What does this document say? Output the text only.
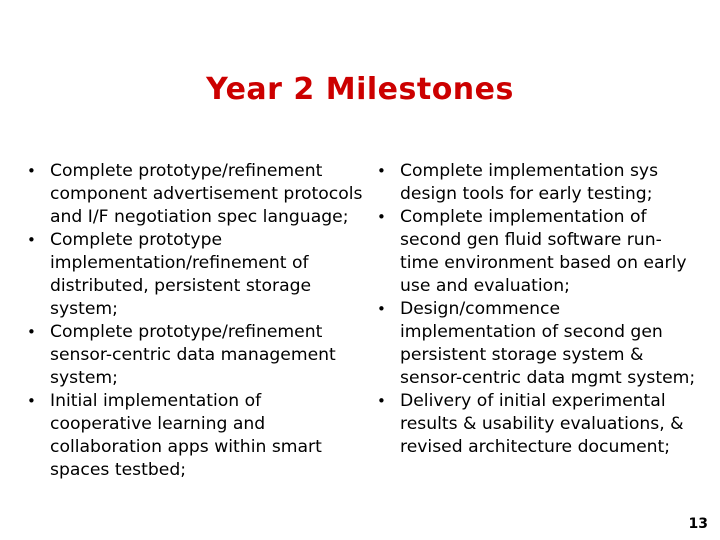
Year 2 Milestones
• Complete prototype/refinement component advertisement protocols and I/F negotiation spec language;
• Complete prototype implementation/refinement of distributed, persistent storage system;
• Complete prototype/refinement sensor-centric data management system;
• Initial implementation of cooperative learning and collaboration apps within smart spaces testbed;
• Complete implementation sys design tools for early testing;
• Complete implementation of second gen fluid software run-time environment based on early use and evaluation;
• Design/commence implementation of second gen persistent storage system & sensor-centric data mgmt system;
• Delivery of initial experimental results & usability evaluations, & revised architecture document;
13
